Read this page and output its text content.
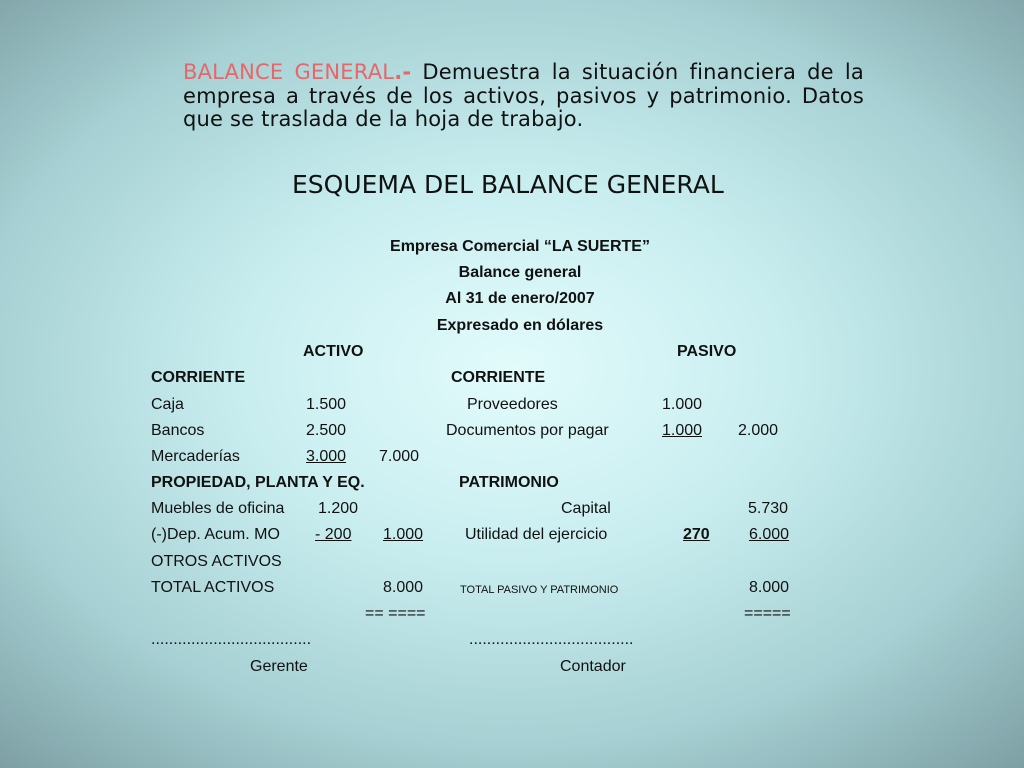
BALANCE GENERAL.- Demuestra la situación financiera de la empresa a través de los activos, pasivos y patrimonio. Datos que se traslada de la hoja de trabajo.
ESQUEMA DEL BALANCE GENERAL
Empresa Comercial “LA SUERTE”
Balance general
Al 31 de enero/2007
Expresado en dólares
ACTIVO	PASIVO
CORRIENTE	CORRIENTE
Caja	1.500	Proveedores	1.000
Bancos	2.500	Documentos por pagar	1.000 2.000
Mercaderías	3.000	7.000
PROPIEDAD, PLANTA Y EQ.	PATRIMONIO
Muebles de oficina 1.200	Capital	5.730
(-)Dep. Acum. MO - 200	1.000	Utilidad del ejercicio	270	6.000
OTROS ACTIVOS
TOTAL ACTIVOS	8.000	TOTAL PASIVO Y PATRIMONIO	8.000
== ====	=====
....................................	.....................................
Gerente	Contador
